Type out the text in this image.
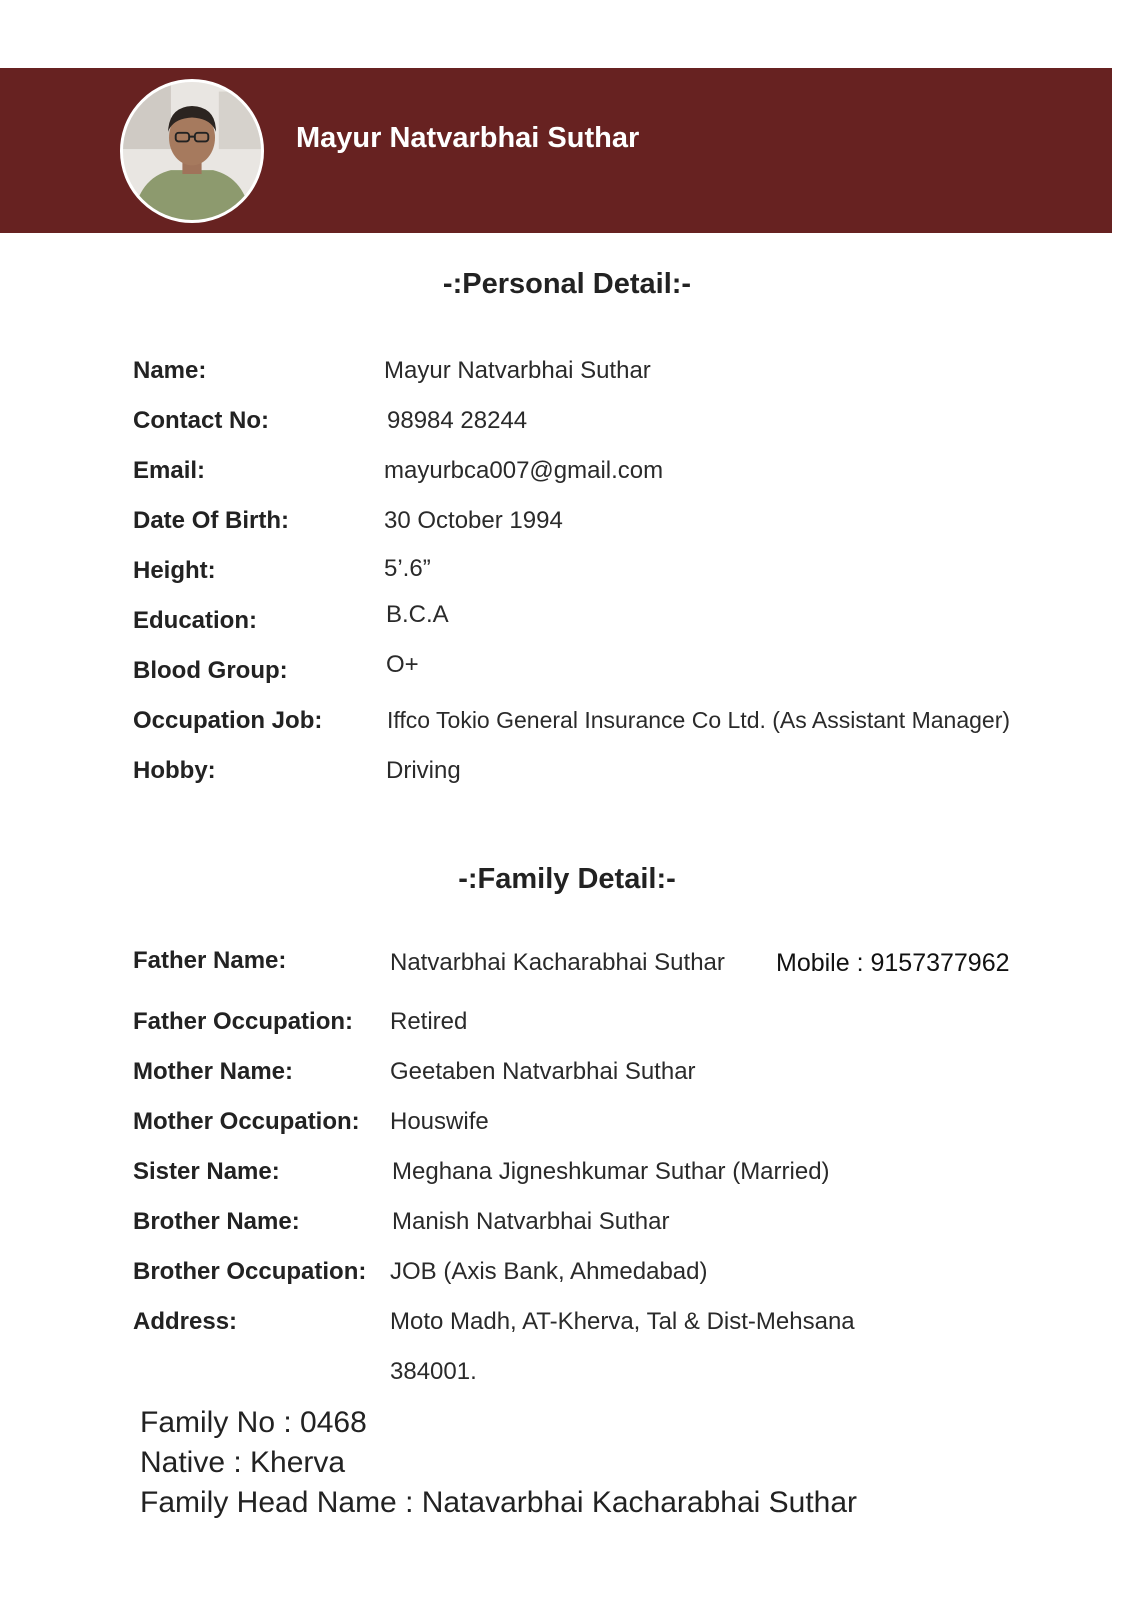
Mayur Natvarbhai Suthar
-:Personal Detail:-
Name:	Mayur Natvarbhai Suthar
Contact No:	98984 28244
Email:	mayurbca007@gmail.com
Date Of Birth:	30 October 1994
Height:	5’.6”
Education:	B.C.A
Blood Group:	O+
Occupation Job:	Iffco Tokio General Insurance Co Ltd. (As Assistant Manager)
Hobby:	Driving
-:Family Detail:-
Father Name:	Natvarbhai Kacharabhai Suthar Mobile : 9157377962
Father Occupation: Retired
Mother Name:	Geetaben Natvarbhai Suthar
Mother Occupation: Houswife
Sister Name:	Meghana Jigneshkumar Suthar (Married)
Brother Name:	Manish Natvarbhai Suthar
Brother Occupation: JOB (Axis Bank, Ahmedabad)
Address:	Moto Madh, AT-Kherva, Tal & Dist-Mehsana
384001.
Family No : 0468
Native : Kherva
Family Head Name : Natavarbhai Kacharabhai Suthar
